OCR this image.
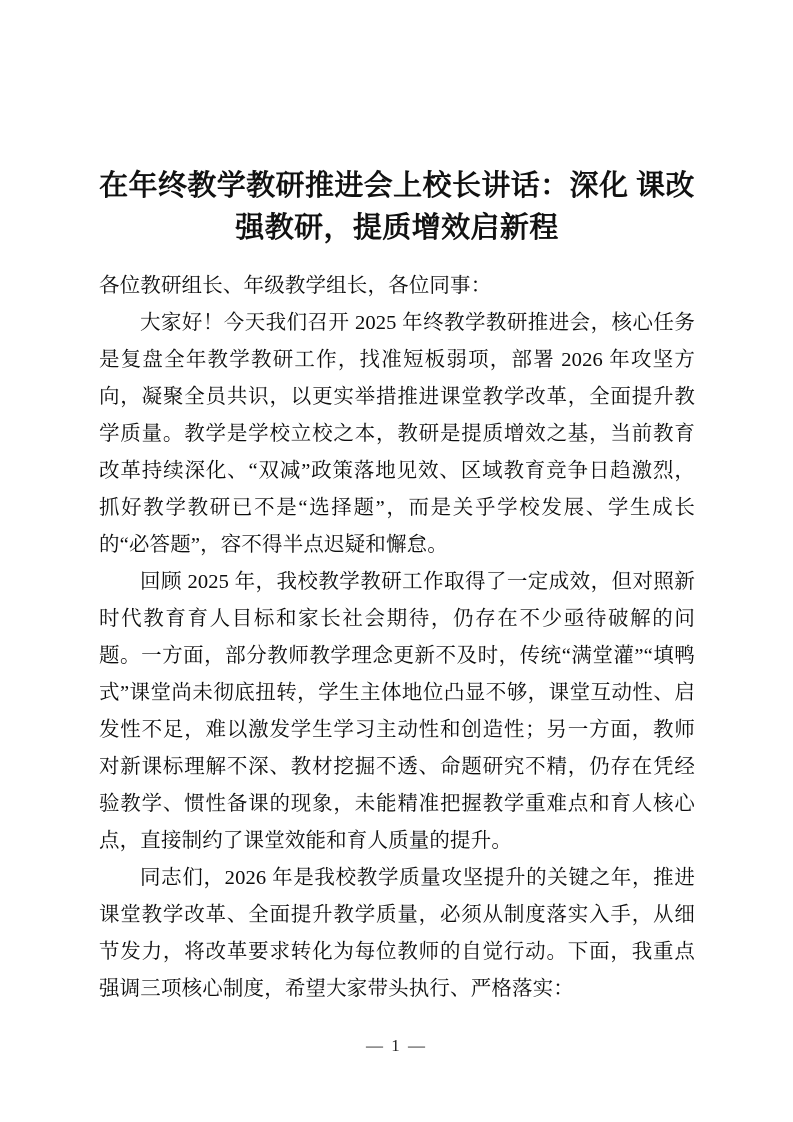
在年终教学教研推进会上校长讲话：深化 课改强教研，提质增效启新程

各位教研组长、年级教学组长，各位同事：

大家好！今天我们召开 2025 年终教学教研推进会，核心任务是复盘全年教学教研工作，找准短板弱项，部署 2026 年攻坚方向，凝聚全员共识，以更实举措推进课堂教学改革，全面提升教学质量。教学是学校立校之本，教研是提质增效之基，当前教育改革持续深化、“双减”政策落地见效、区域教育竞争日趋激烈，抓好教学教研已不是“选择题”，而是关乎学校发展、学生成长的“必答题”，容不得半点迟疑和懈怠。

回顾 2025 年，我校教学教研工作取得了一定成效，但对照新时代教育育人目标和家长社会期待，仍存在不少亟待破解的问题。一方面，部分教师教学理念更新不及时，传统“满堂灌”“填鸭式”课堂尚未彻底扭转，学生主体地位凸显不够，课堂互动性、启发性不足，难以激发学生学习主动性和创造性；另一方面，教师对新课标理解不深、教材挖掘不透、命题研究不精，仍存在凭经验教学、惯性备课的现象，未能精准把握教学重难点和育人核心点，直接制约了课堂效能和育人质量的提升。

同志们，2026 年是我校教学质量攻坚提升的关键之年，推进课堂教学改革、全面提升教学质量，必须从制度落实入手，从细节发力，将改革要求转化为每位教师的自觉行动。下面，我重点强调三项核心制度，希望大家带头执行、严格落实：

— 1 —
